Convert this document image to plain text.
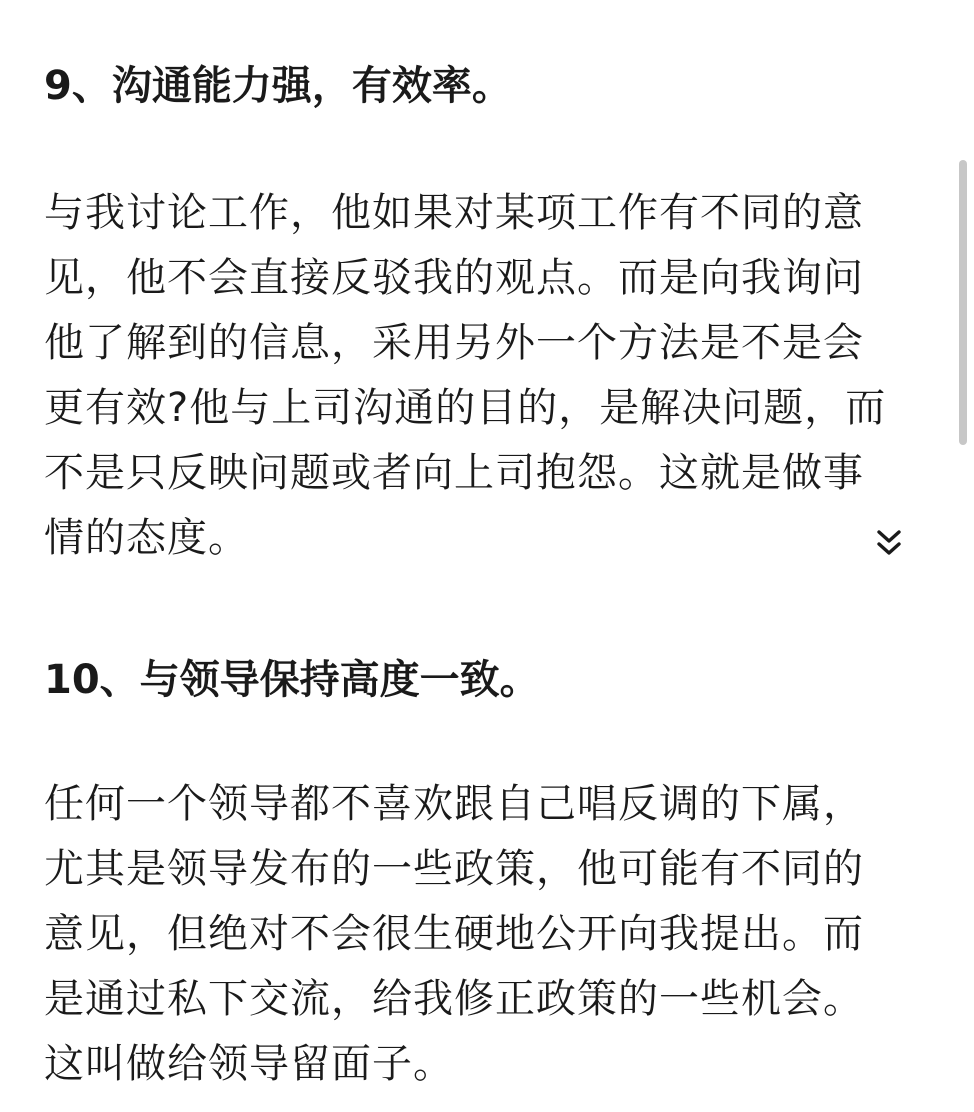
9、沟通能力强，有效率。
与我讨论工作，他如果对某项工作有不同的意
见，他不会直接反驳我的观点。而是向我询问
他了解到的信息，采用另外一个方法是不是会
更有效?他与上司沟通的目的，是解决问题，而
不是只反映问题或者向上司抱怨。这就是做事
情的态度。
10、与领导保持高度一致。
任何一个领导都不喜欢跟自己唱反调的下属，
尤其是领导发布的一些政策，他可能有不同的
意见，但绝对不会很生硬地公开向我提出。而
是通过私下交流，给我修正政策的一些机会。
这叫做给领导留面子。
